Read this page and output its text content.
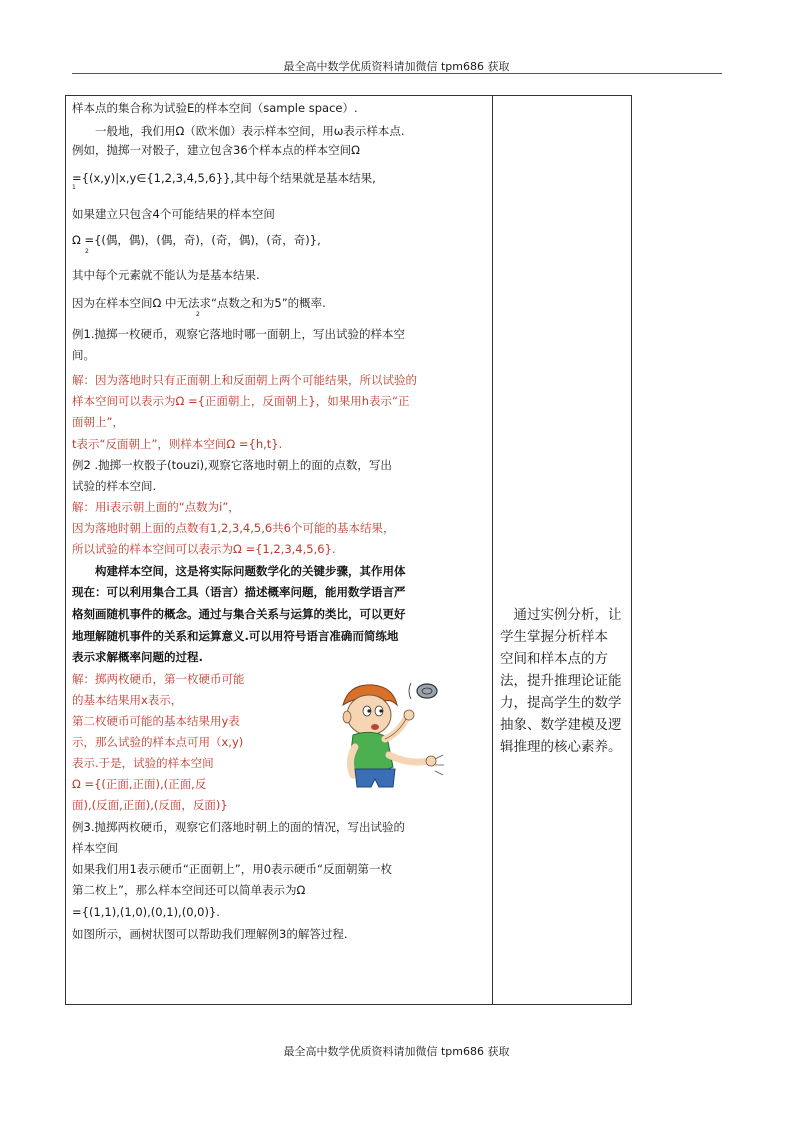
最全高中数学优质资料请加微信 tpm686 获取
样本点的集合称为试验E的样本空间（sample space）.
　　一般地，我们用Ω（欧米伽）表示样本空间，用ω表示样本点.
例如，抛掷一对骰子，建立包含36个样本点的样本空间Ω
={(x,y)|x,y∈{1,2,3,4,5,6}},其中每个结果就是基本结果,
1
如果建立只包含4个可能结果的样本空间
Ω ={(偶，偶)，(偶，奇)，(奇，偶)，(奇，奇)},
2
其中每个元素就不能认为是基本结果.
因为在样本空间Ω 中无法求“点数之和为5”的概率.
2
例1.抛掷一枚硬币，观察它落地时哪一面朝上，写出试验的样本空
间。
解：因为落地时只有正面朝上和反面朝上两个可能结果，所以试验的
样本空间可以表示为Ω ={正面朝上，反面朝上}，如果用h表示“正
面朝上”，
t表示“反面朝上”，则样本空间Ω ={h,t}.
例2 .抛掷一枚骰子(touzi),观察它落地时朝上的面的点数，写出
试验的样本空间.
解：用i表示朝上面的“点数为i”，
因为落地时朝上面的点数有1,2,3,4,5,6共6个可能的基本结果，
所以试验的样本空间可以表示为Ω ={1,2,3,4,5,6}.
　　构建样本空间，这是将实际问题数学化的关键步骤，其作用体
现在：可以利用集合工具（语言）描述概率问题，能用数学语言严
格刻画随机事件的概念。通过与集合关系与运算的类比，可以更好
地理解随机事件的关系和运算意义.可以用符号语言准确而简练地
表示求解概率问题的过程.
解：掷两枚硬币，第一枚硬币可能
的基本结果用x表示，
第二枚硬币可能的基本结果用y表
示，那么试验的样本点可用（x,y)
表示.于是，试验的样本空间
Ω ={(正面,正面),(正面,反
面),(反面,正面),(反面，反面)}
例3.抛掷两枚硬币，观察它们落地时朝上的面的情况，写出试验的
样本空间
如果我们用1表示硬币“正面朝上”，用0表示硬币“反面朝第一枚
第二枚上”，那么样本空间还可以简单表示为Ω
={(1,1),(1,0),(0,1),(0,0)}.
如图所示，画树状图可以帮助我们理解例3的解答过程.
　通过实例分析，让
学生掌握分析样本
空间和样本点的方
法，提升推理论证能
力，提高学生的数学
抽象、数学建模及逻
辑推理的核心素养。
最全高中数学优质资料请加微信 tpm686 获取
